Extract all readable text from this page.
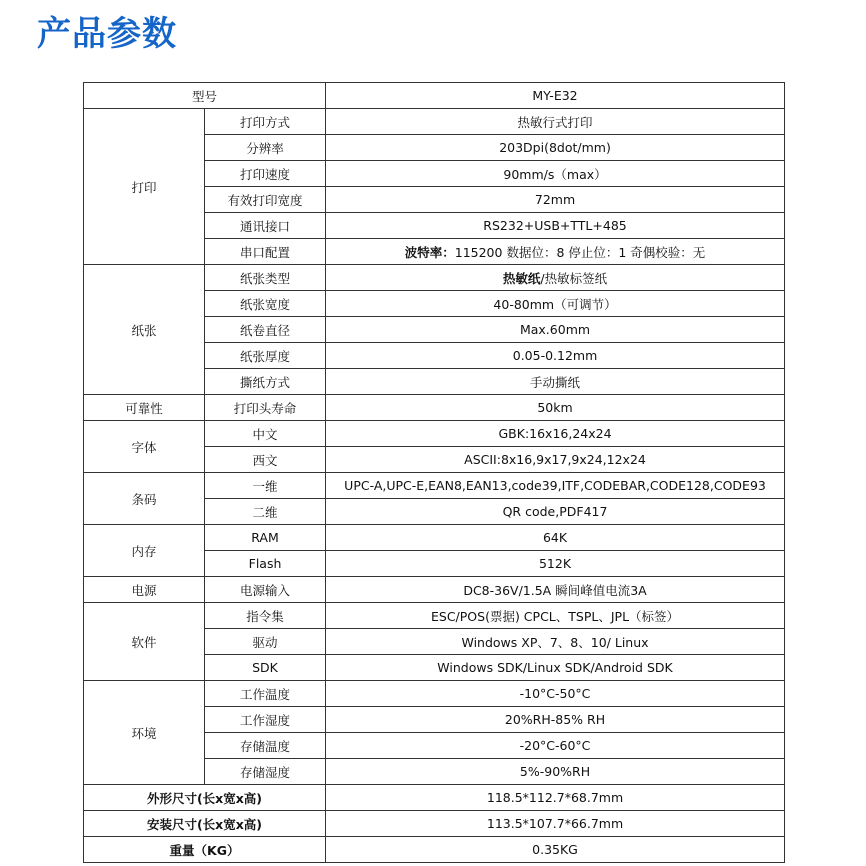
产品参数
型号		MY-E32
打印	打印方式	热敏行式打印
	分辨率	203Dpi(8dot/mm)
	打印速度	90mm/s（max）
	有效打印宽度	72mm
	通讯接口	RS232+USB+TTL+485
	串口配置	波特率：115200 数据位：8 停止位：1 奇偶校验：无
纸张	纸张类型	热敏纸/热敏标签纸
	纸张宽度	40-80mm（可调节）
	纸卷直径	Max.60mm
	纸张厚度	0.05-0.12mm
	撕纸方式	手动撕纸
可靠性	打印头寿命	50km
字体	中文	GBK:16x16,24x24
	西文	ASCII:8x16,9x17,9x24,12x24
条码	一维	UPC-A,UPC-E,EAN8,EAN13,code39,ITF,CODEBAR,CODE128,CODE93
	二维	QR code,PDF417
内存	RAM	64K
	Flash	512K
电源	电源输入	DC8-36V/1.5A 瞬间峰值电流3A
软件	指令集	ESC/POS(票据) CPCL、TSPL、JPL（标签）
	驱动	Windows XP、7、8、10/ Linux
	SDK	Windows SDK/Linux SDK/Android SDK
环境	工作温度	-10°C-50°C
	工作湿度	20%RH-85% RH
	存储温度	-20°C-60°C
	存储湿度	5%-90%RH
外形尺寸(长x宽x高)		118.5*112.7*68.7mm
安装尺寸(长x宽x高)		113.5*107.7*66.7mm
重量（KG）		0.35KG
